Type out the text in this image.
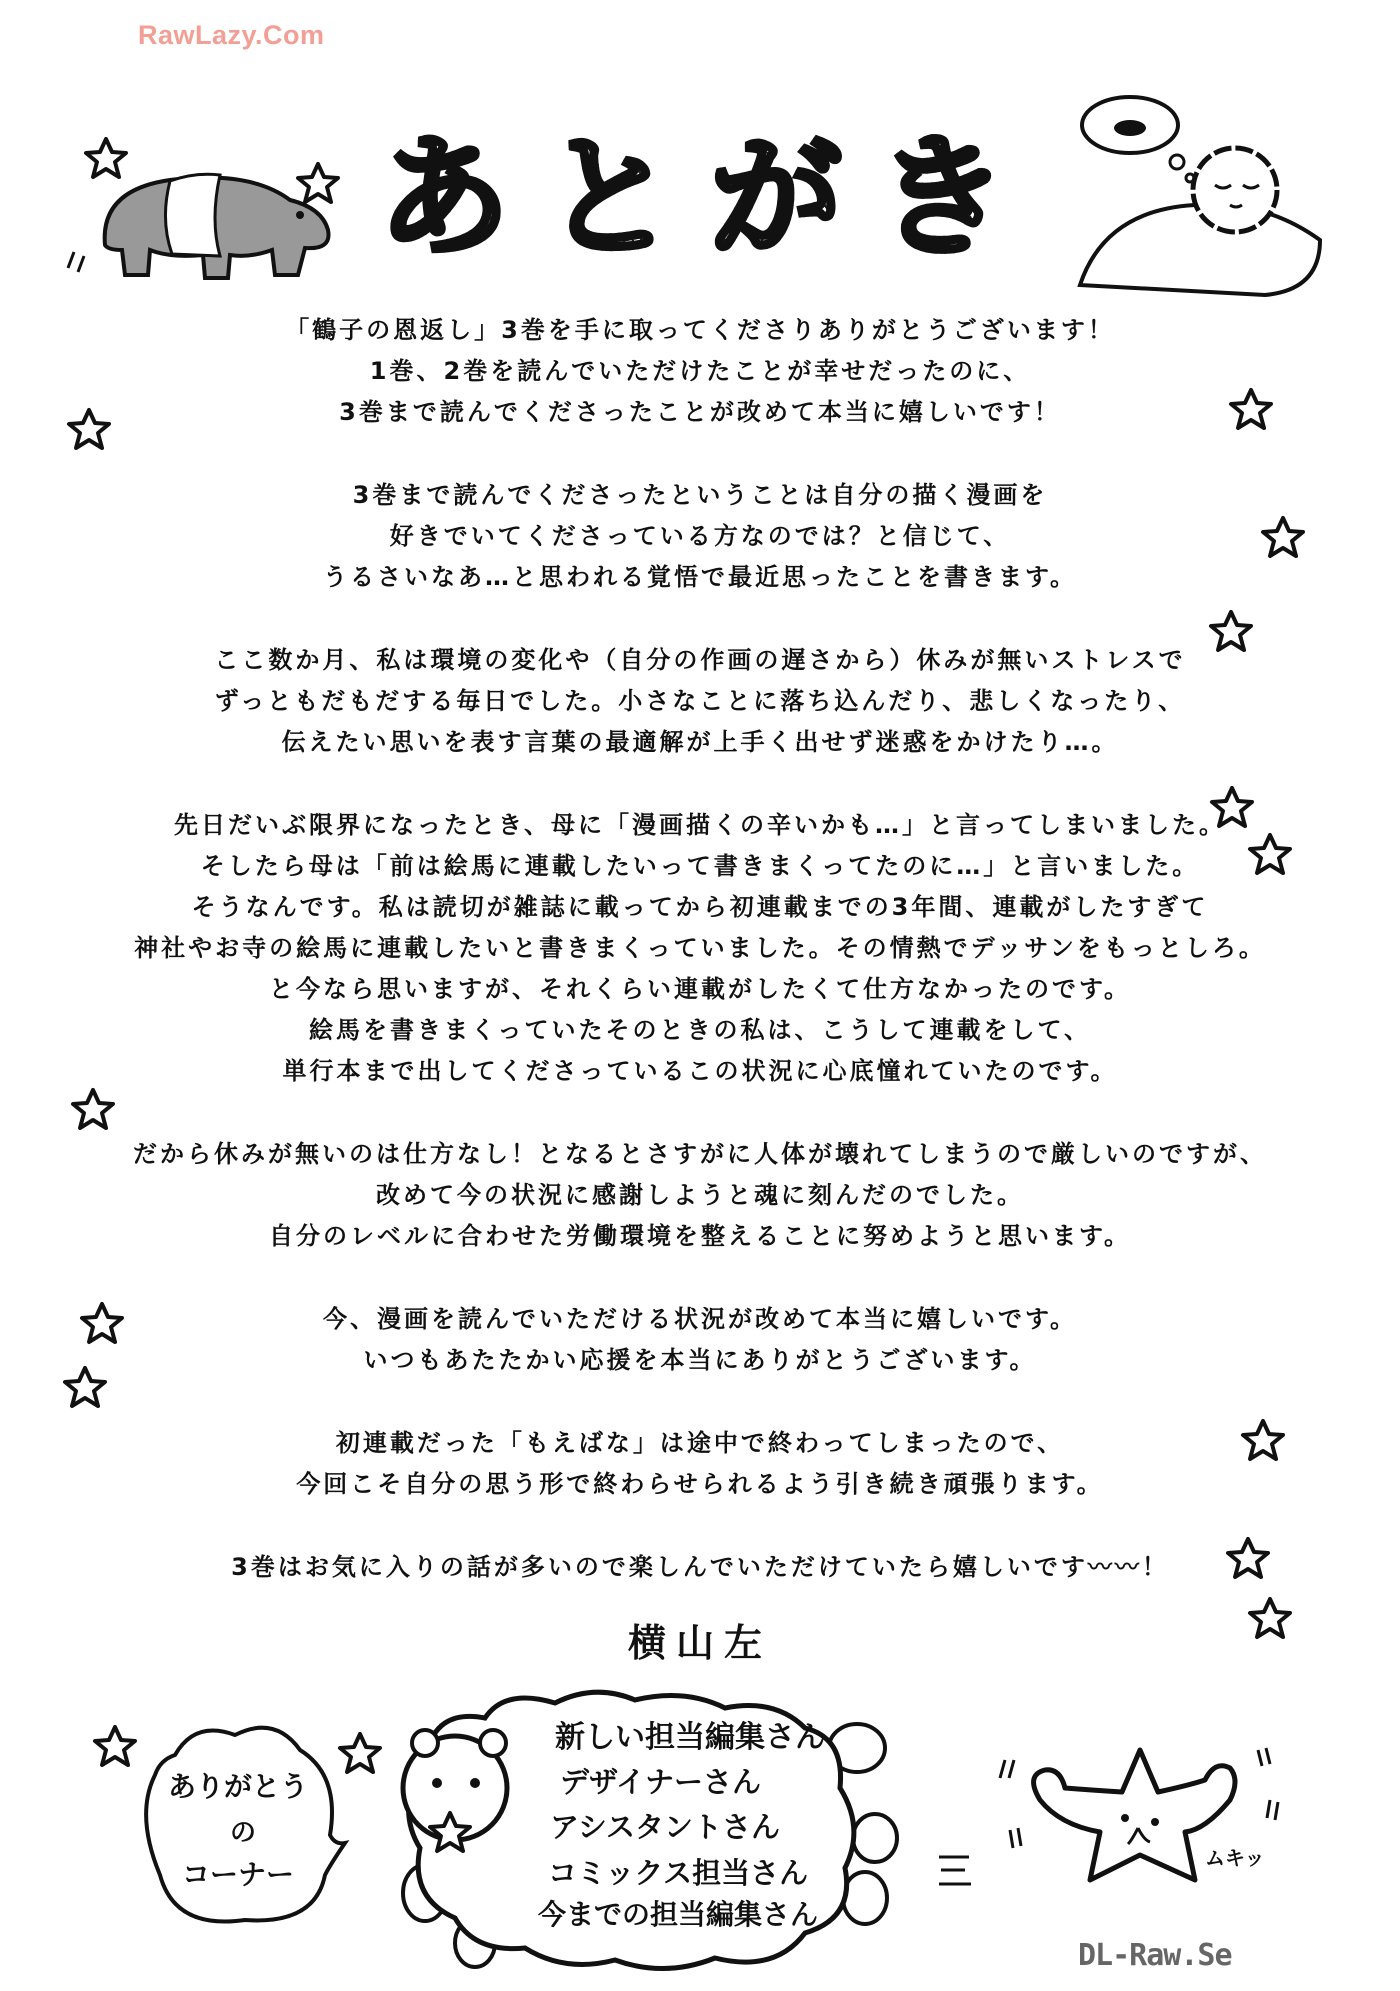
RawLazy.Com
あとがき
「鶴子の恩返し」3巻を手に取ってくださりありがとうございます！
1巻、2巻を読んでいただけたことが幸せだったのに、
3巻まで読んでくださったことが改めて本当に嬉しいです！
3巻まで読んでくださったということは自分の描く漫画を
好きでいてくださっている方なのでは？と信じて、
うるさいなあ…と思われる覚悟で最近思ったことを書きます。
ここ数か月、私は環境の変化や（自分の作画の遅さから）休みが無いストレスで
ずっともだもだする毎日でした。小さなことに落ち込んだり、悲しくなったり、
伝えたい思いを表す言葉の最適解が上手く出せず迷惑をかけたり…。
先日だいぶ限界になったとき、母に「漫画描くの辛いかも…」と言ってしまいました。
そしたら母は「前は絵馬に連載したいって書きまくってたのに…」と言いました。
そうなんです。私は読切が雑誌に載ってから初連載までの3年間、連載がしたすぎて
神社やお寺の絵馬に連載したいと書きまくっていました。その情熱でデッサンをもっとしろ。
と今なら思いますが、それくらい連載がしたくて仕方なかったのです。
絵馬を書きまくっていたそのときの私は、こうして連載をして、
単行本まで出してくださっているこの状況に心底憧れていたのです。
だから休みが無いのは仕方なし！となるとさすがに人体が壊れてしまうので厳しいのですが、
改めて今の状況に感謝しようと魂に刻んだのでした。
自分のレベルに合わせた労働環境を整えることに努めようと思います。
今、漫画を読んでいただける状況が改めて本当に嬉しいです。
いつもあたたかい応援を本当にありがとうございます。
初連載だった「もえばな」は途中で終わってしまったので、
今回こそ自分の思う形で終わらせられるよう引き続き頑張ります。
3巻はお気に入りの話が多いので楽しんでいただけていたら嬉しいです〰〰！
横山左
ありがとう
の
コーナー
新しい担当編集さん
デザイナーさん
アシスタントさん
コミックス担当さん
今までの担当編集さん
ムキッ
DL-Raw.Se
